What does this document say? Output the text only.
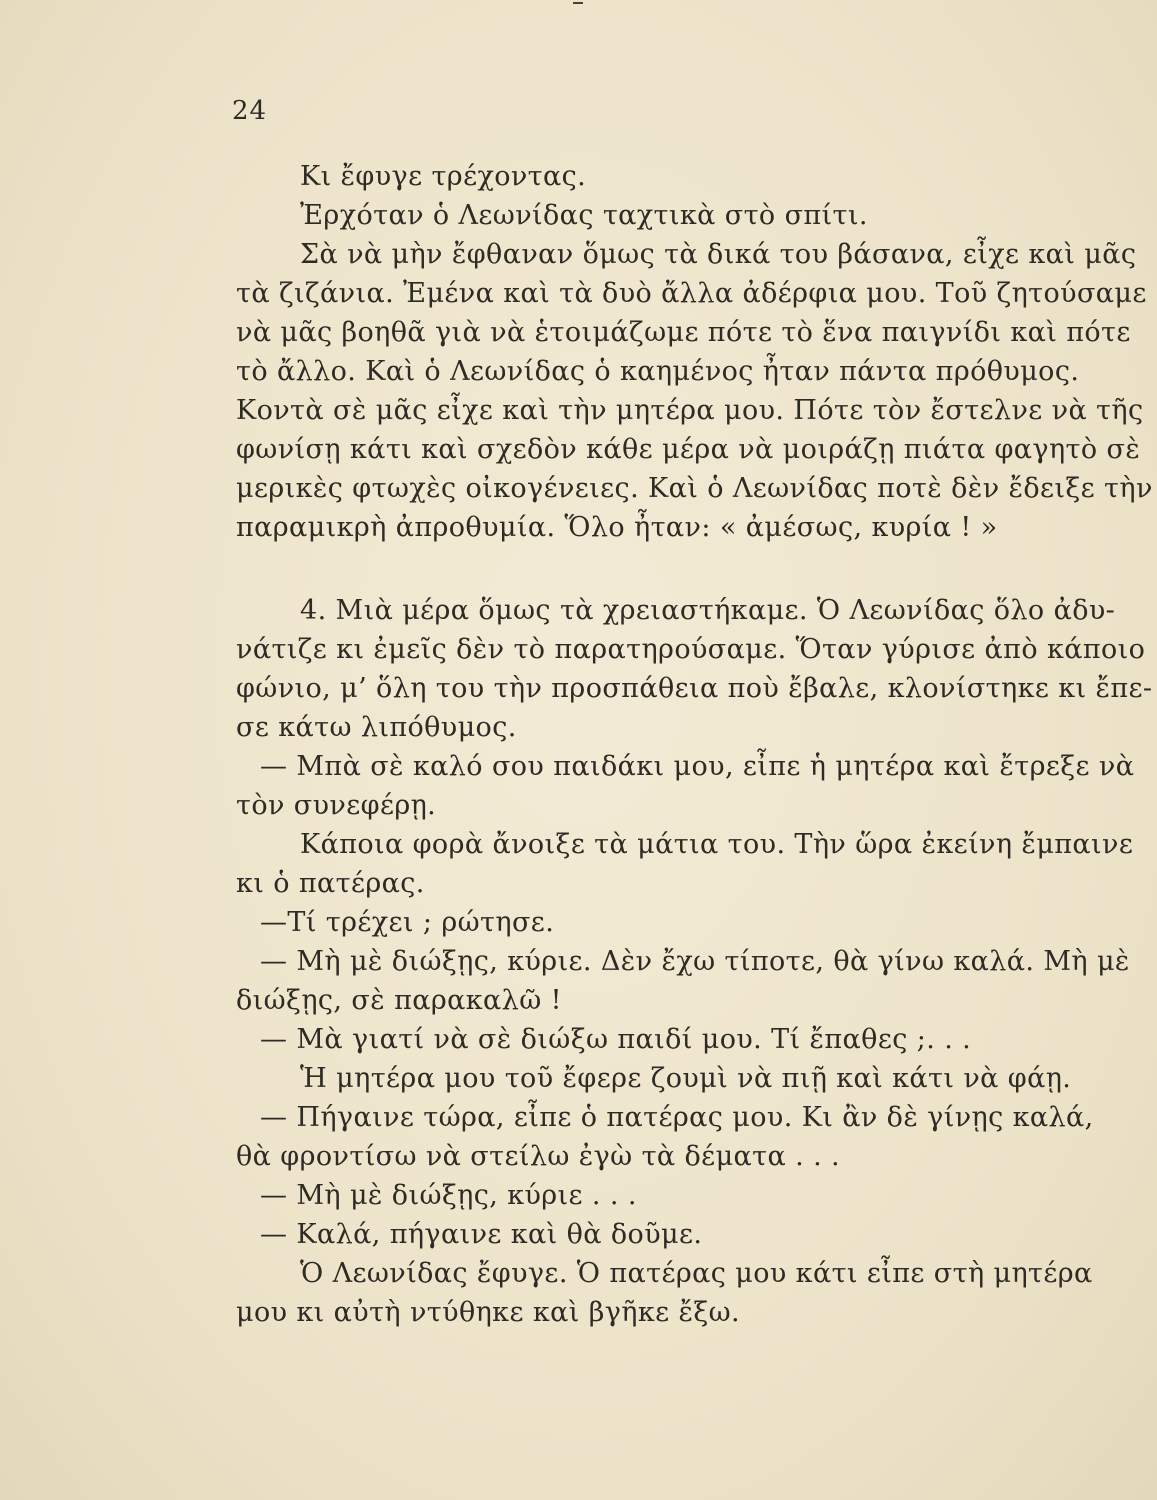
24
Κι ἔφυγε τρέχοντας.
Ἐρχόταν ὁ Λεωνίδας ταχτικὰ στὸ σπίτι.
Σὰ νὰ μὴν ἔφθαναν ὅμως τὰ δικά του βάσανα, εἶχε καὶ μᾶς
τὰ ζιζάνια. Ἐμένα καὶ τὰ δυὸ ἄλλα ἀδέρφια μου. Τοῦ ζητούσαμε
νὰ μᾶς βοηθᾶ γιὰ νὰ ἑτοιμάζωμε πότε τὸ ἕνα παιγνίδι καὶ πότε
τὸ ἄλλο. Καὶ ὁ Λεωνίδας ὁ καημένος ἦταν πάντα πρόθυμος.
Κοντὰ σὲ μᾶς εἶχε καὶ τὴν μητέρα μου. Πότε τὸν ἔστελνε νὰ τῆς
φωνίσῃ κάτι καὶ σχεδὸν κάθε μέρα νὰ μοιράζῃ πιάτα φαγητὸ σὲ
μερικὲς φτωχὲς οἰκογένειες. Καὶ ὁ Λεωνίδας ποτὲ δὲν ἔδειξε τὴν
παραμικρὴ ἀπροθυμία. Ὅλο ἦταν: « ἀμέσως, κυρία ! »
4. Μιὰ μέρα ὅμως τὰ χρειαστήκαμε. Ὁ Λεωνίδας ὅλο ἀδυ-
νάτιζε κι ἐμεῖς δὲν τὸ παρατηρούσαμε. Ὅταν γύρισε ἀπὸ κάποιο
φώνιο, μ’ ὅλη του τὴν προσπάθεια ποὺ ἔβαλε, κλονίστηκε κι ἔπε-
σε κάτω λιπόθυμος.
— Μπὰ σὲ καλό σου παιδάκι μου, εἶπε ἡ μητέρα καὶ ἔτρεξε νὰ
τὸν συνεφέρῃ.
Κάποια φορὰ ἄνοιξε τὰ μάτια του. Τὴν ὥρα ἐκείνη ἔμπαινε
κι ὁ πατέρας.
—Τί τρέχει ; ρώτησε.
— Μὴ μὲ διώξῃς, κύριε. Δὲν ἔχω τίποτε, θὰ γίνω καλά. Μὴ μὲ
διώξῃς, σὲ παρακαλῶ !
— Μὰ γιατί νὰ σὲ διώξω παιδί μου. Τί ἔπαθες ;. . .
Ἡ μητέρα μου τοῦ ἔφερε ζουμὶ νὰ πιῇ καὶ κάτι νὰ φάῃ.
— Πήγαινε τώρα, εἶπε ὁ πατέρας μου. Κι ἂν δὲ γίνῃς καλά,
θὰ φροντίσω νὰ στείλω ἐγὼ τὰ δέματα . . .
— Μὴ μὲ διώξῃς, κύριε . . .
— Καλά, πήγαινε καὶ θὰ δοῦμε.
Ὁ Λεωνίδας ἔφυγε. Ὁ πατέρας μου κάτι εἶπε στὴ μητέρα
μου κι αὐτὴ ντύθηκε καὶ βγῆκε ἔξω.
